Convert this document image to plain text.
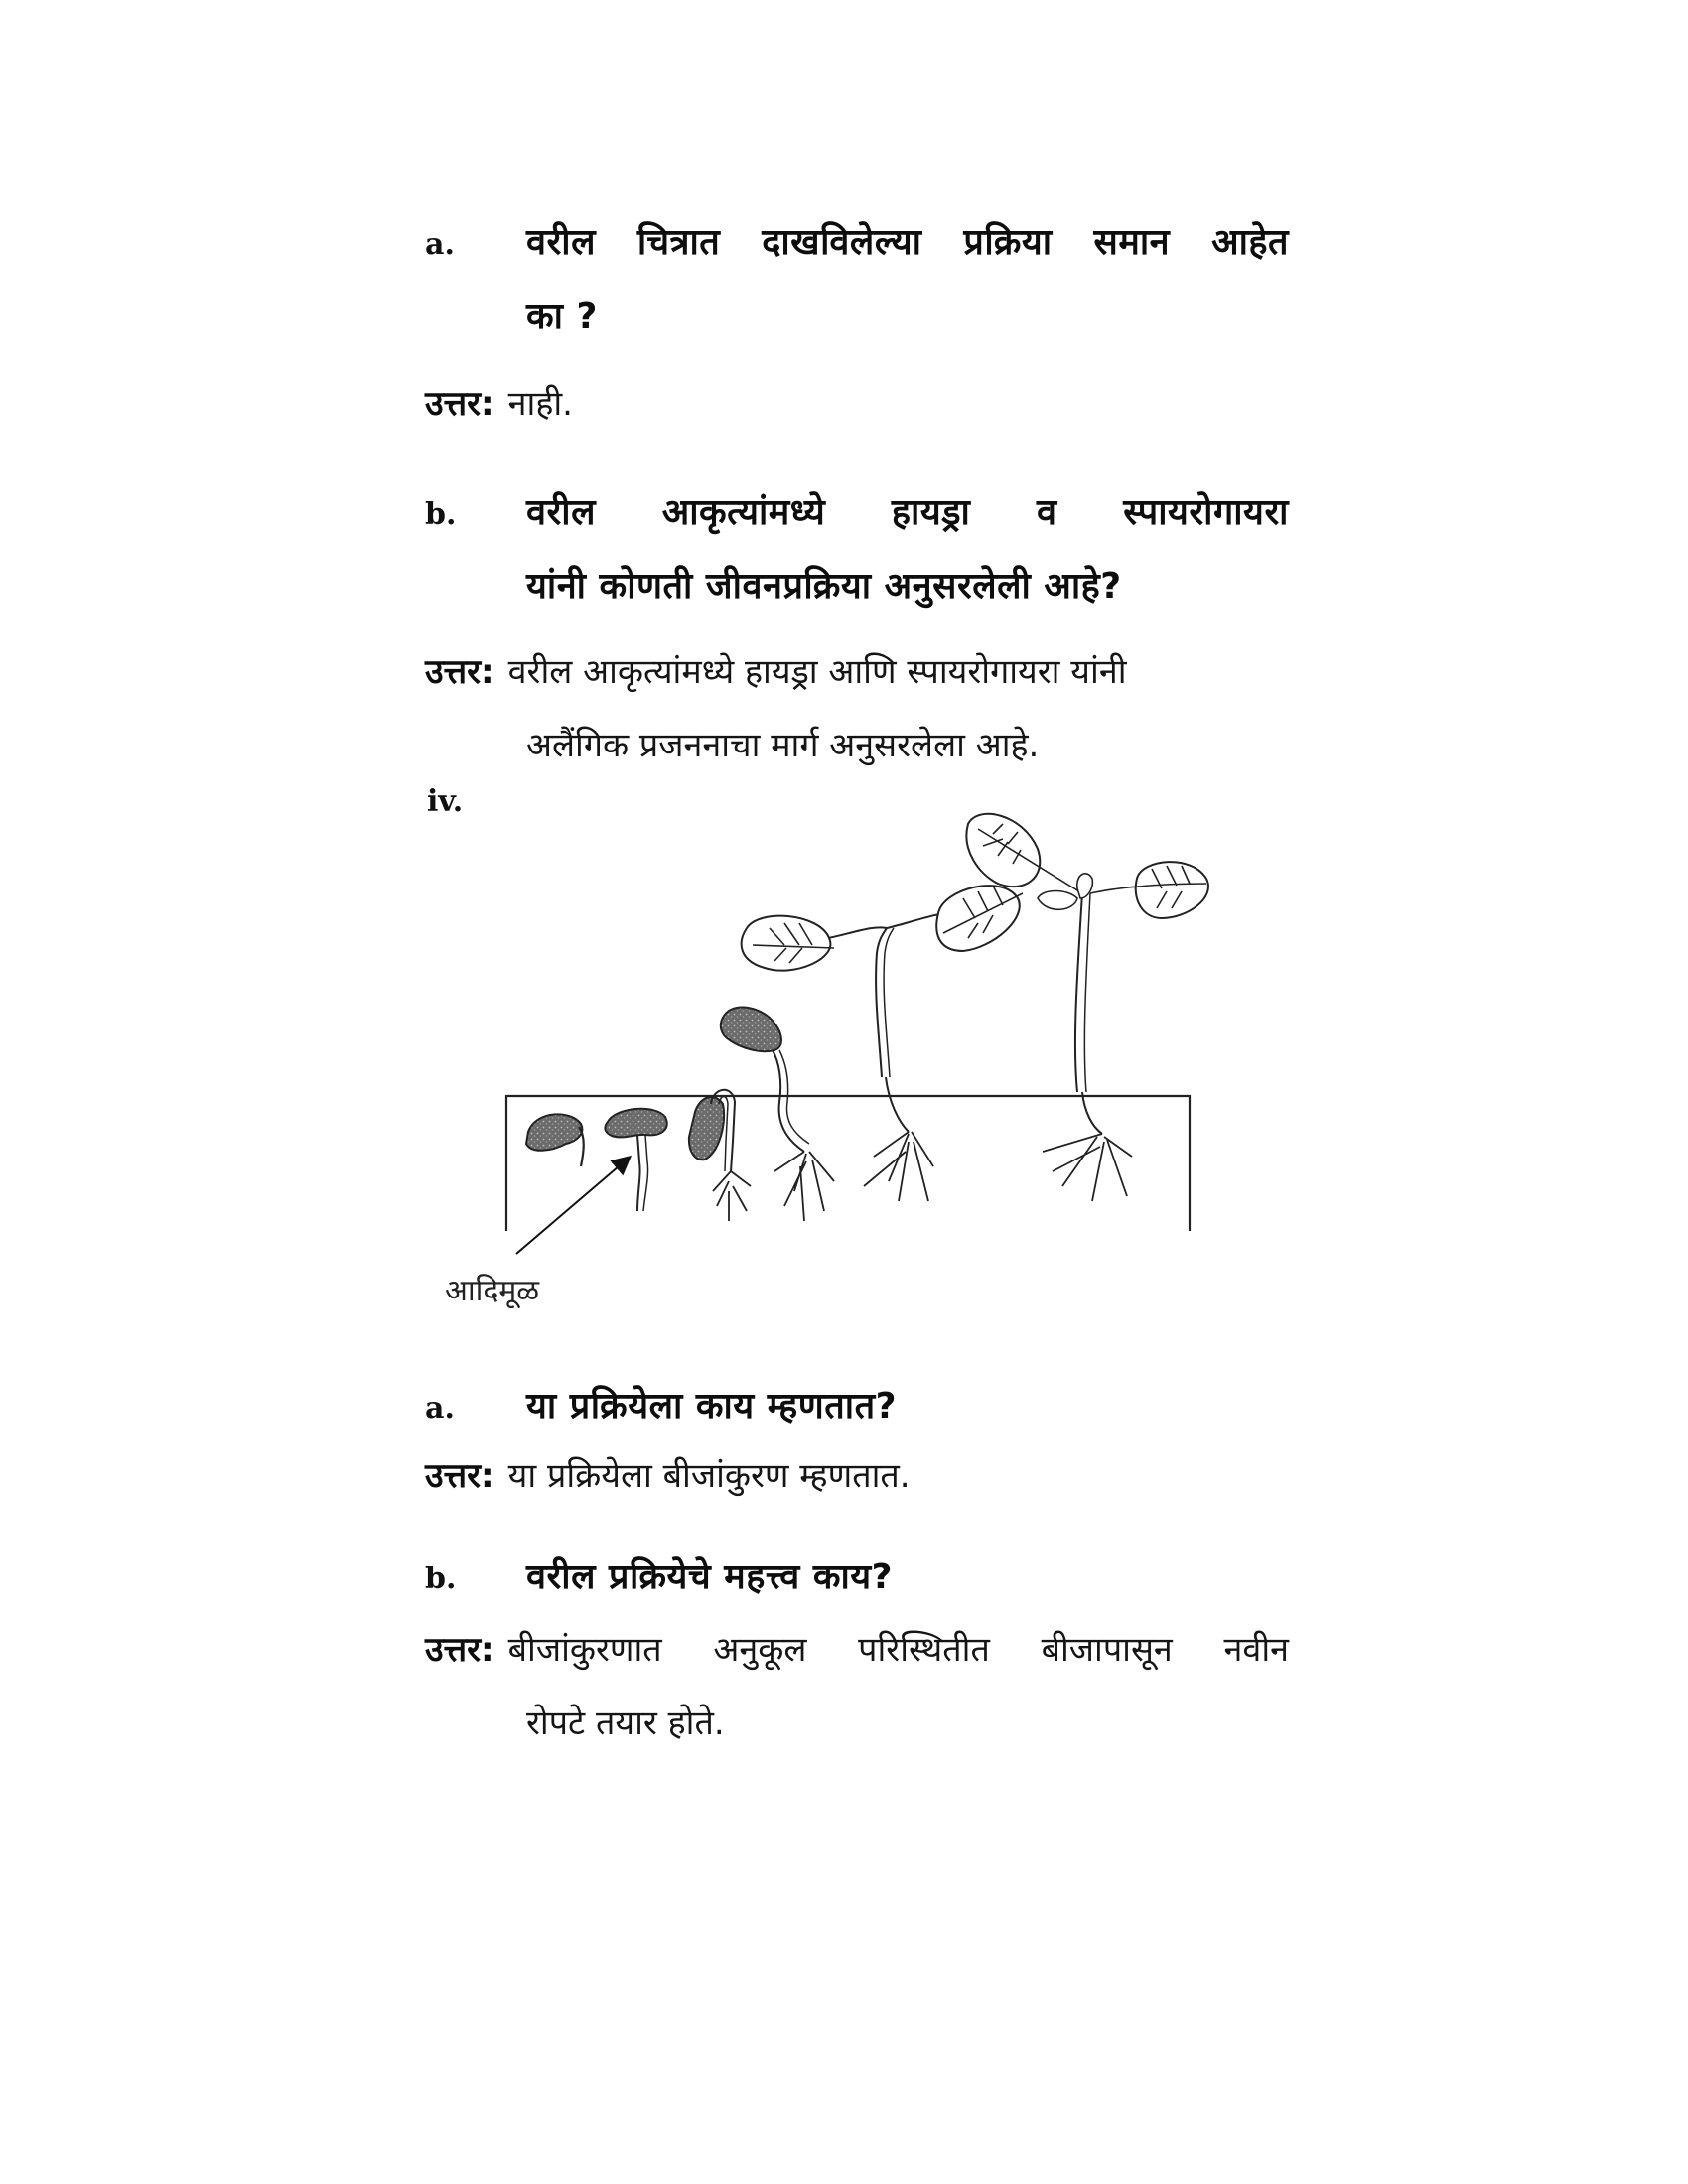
a.	वरील चित्रात दाखविलेल्या प्रक्रिया समान आहेत
का ?
उत्तर: नाही.
b.	वरील आकृत्यांमध्ये हायड्रा व स्पायरोगायरा
यांनी कोणती जीवनप्रक्रिया अनुसरलेली आहे?
उत्तर: वरील आकृत्यांमध्ये हायड्रा आणि स्पायरोगायरा यांनी
अलैंगिक प्रजननाचा मार्ग अनुसरलेला आहे.
iv.
आदिमूळ
a.	या प्रक्रियेला काय म्हणतात?
उत्तर: या प्रक्रियेला बीजांकुरण म्हणतात.
b.	वरील प्रक्रियेचे महत्त्व काय?
उत्तर: बीजांकुरणात अनुकूल परिस्थितीत बीजापासून नवीन
रोपटे तयार होते.
